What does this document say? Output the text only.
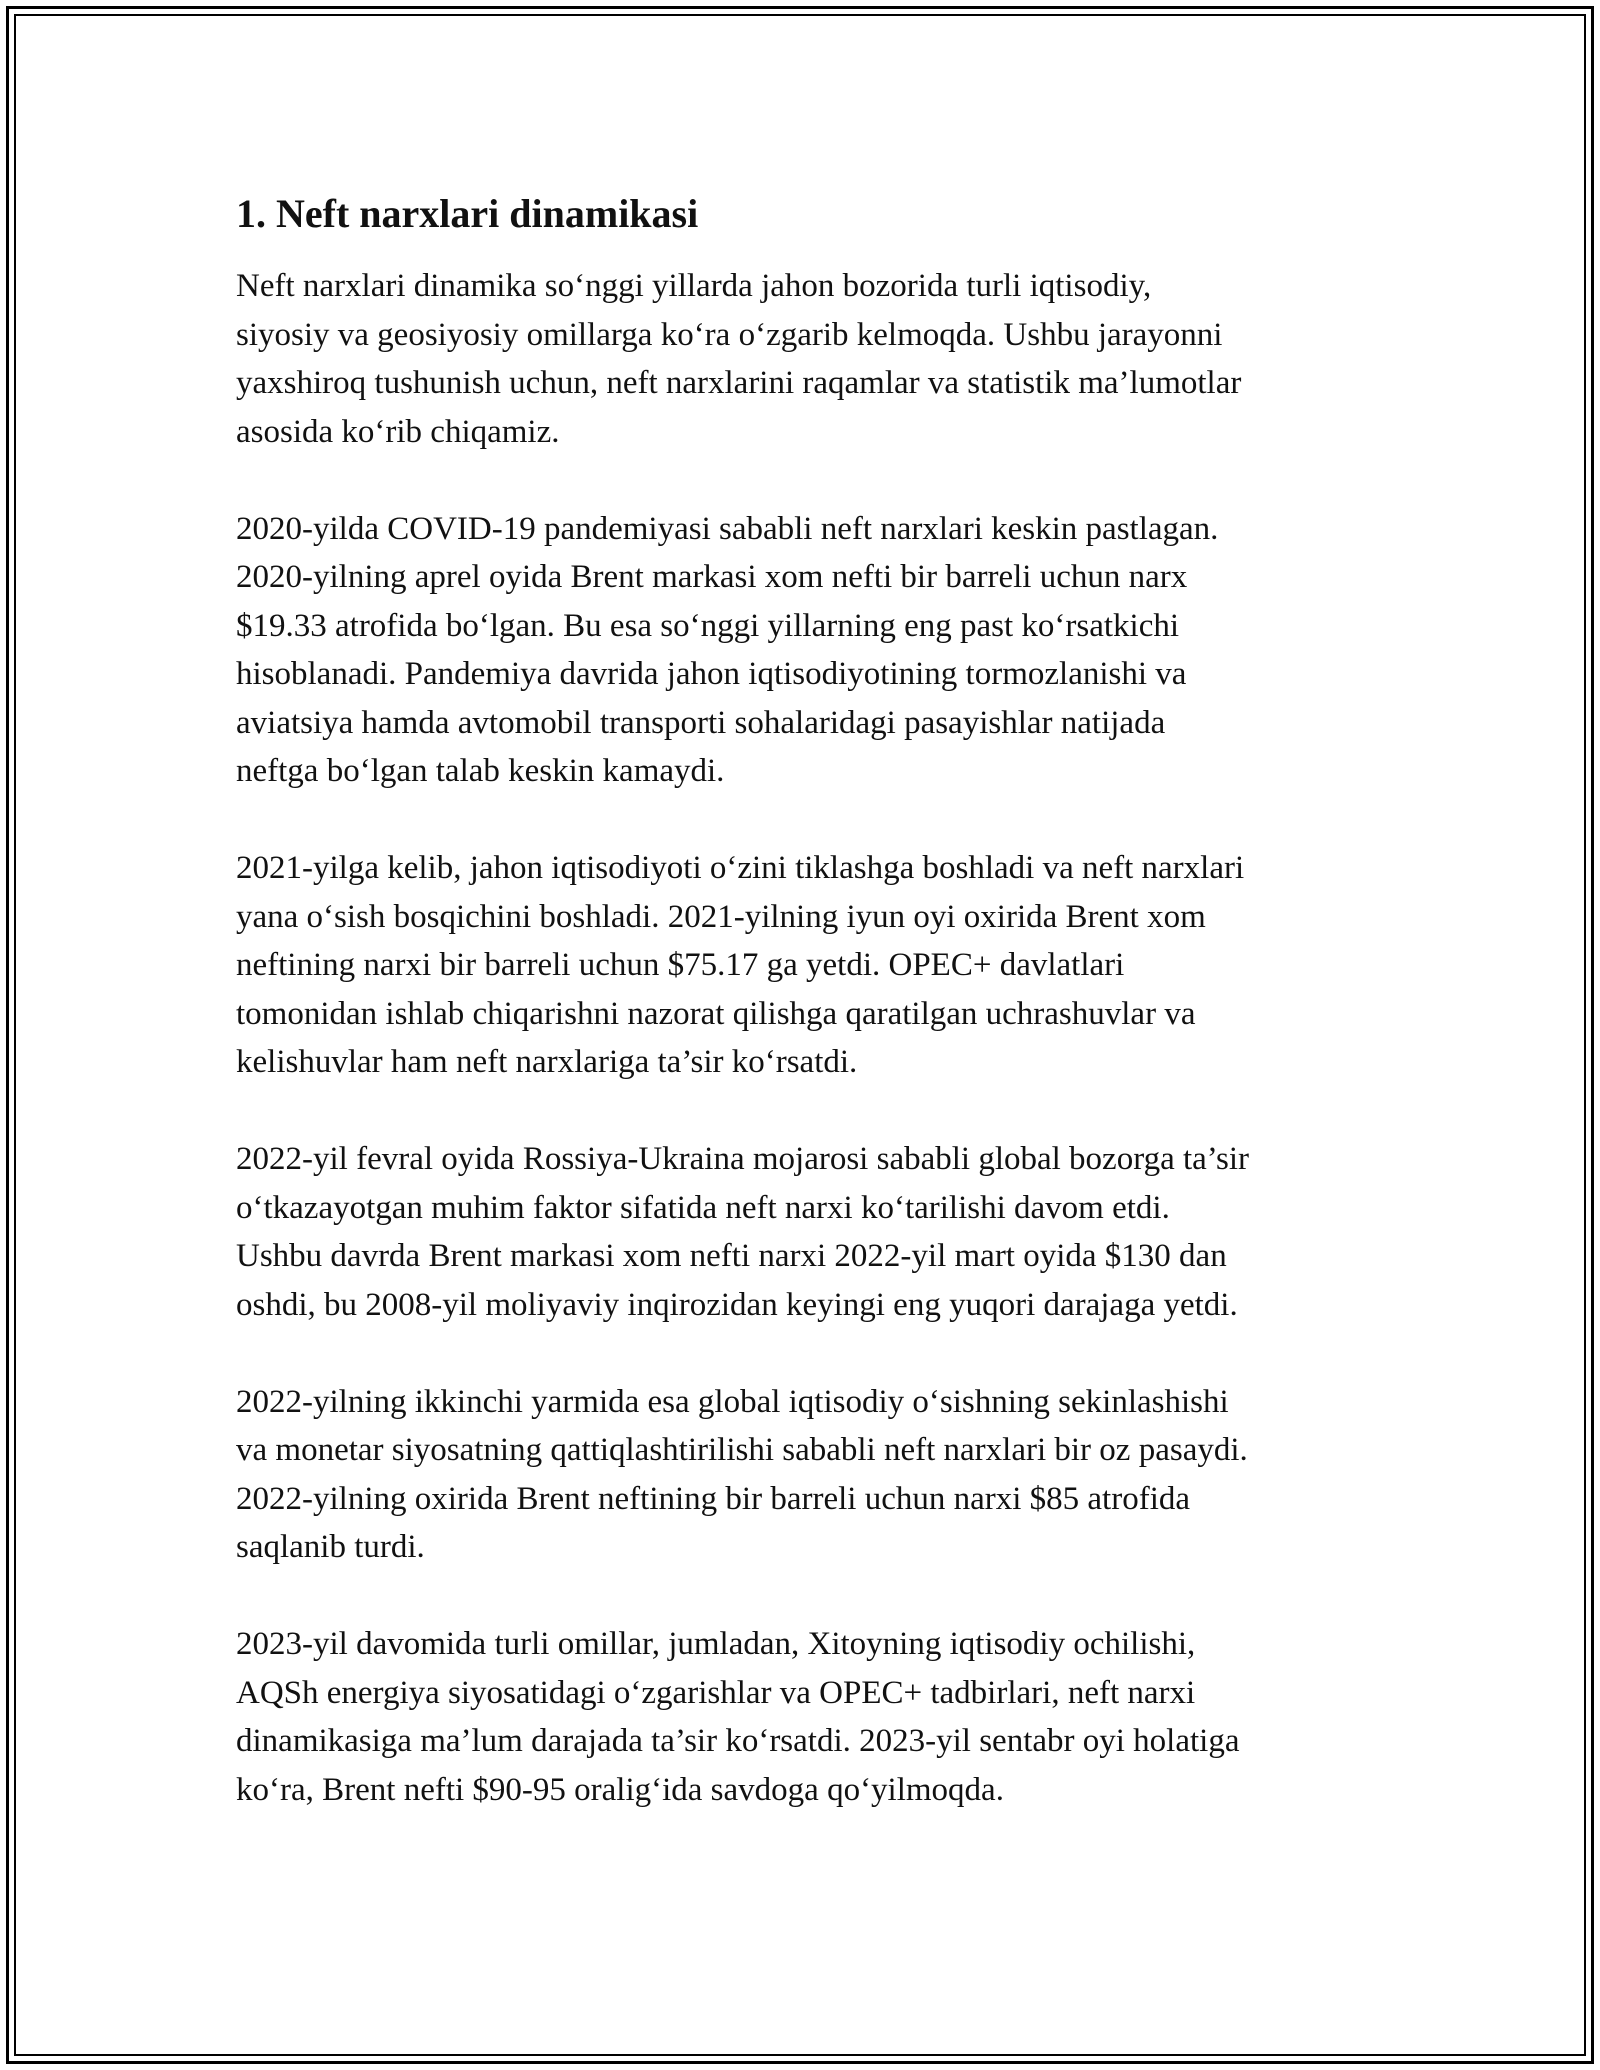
1. Neft narxlari dinamikasi
Neft narxlari dinamika so‘nggi yillarda jahon bozorida turli iqtisodiy,
siyosiy va geosiyosiy omillarga ko‘ra o‘zgarib kelmoqda. Ushbu jarayonni
yaxshiroq tushunish uchun, neft narxlarini raqamlar va statistik ma’lumotlar
asosida ko‘rib chiqamiz.
2020-yilda COVID-19 pandemiyasi sababli neft narxlari keskin pastlagan.
2020-yilning aprel oyida Brent markasi xom nefti bir barreli uchun narx
$19.33 atrofida bo‘lgan. Bu esa so‘nggi yillarning eng past ko‘rsatkichi
hisoblanadi. Pandemiya davrida jahon iqtisodiyotining tormozlanishi va
aviatsiya hamda avtomobil transporti sohalaridagi pasayishlar natijada
neftga bo‘lgan talab keskin kamaydi.
2021-yilga kelib, jahon iqtisodiyoti o‘zini tiklashga boshladi va neft narxlari
yana o‘sish bosqichini boshladi. 2021-yilning iyun oyi oxirida Brent xom
neftining narxi bir barreli uchun $75.17 ga yetdi. OPEC+ davlatlari
tomonidan ishlab chiqarishni nazorat qilishga qaratilgan uchrashuvlar va
kelishuvlar ham neft narxlariga ta’sir ko‘rsatdi.
2022-yil fevral oyida Rossiya-Ukraina mojarosi sababli global bozorga ta’sir
o‘tkazayotgan muhim faktor sifatida neft narxi ko‘tarilishi davom etdi.
Ushbu davrda Brent markasi xom nefti narxi 2022-yil mart oyida $130 dan
oshdi, bu 2008-yil moliyaviy inqirozidan keyingi eng yuqori darajaga yetdi.
2022-yilning ikkinchi yarmida esa global iqtisodiy o‘sishning sekinlashishi
va monetar siyosatning qattiqlashtirilishi sababli neft narxlari bir oz pasaydi.
2022-yilning oxirida Brent neftining bir barreli uchun narxi $85 atrofida
saqlanib turdi.
2023-yil davomida turli omillar, jumladan, Xitoyning iqtisodiy ochilishi,
AQSh energiya siyosatidagi o‘zgarishlar va OPEC+ tadbirlari, neft narxi
dinamikasiga ma’lum darajada ta’sir ko‘rsatdi. 2023-yil sentabr oyi holatiga
ko‘ra, Brent nefti $90-95 oralig‘ida savdoga qo‘yilmoqda.
